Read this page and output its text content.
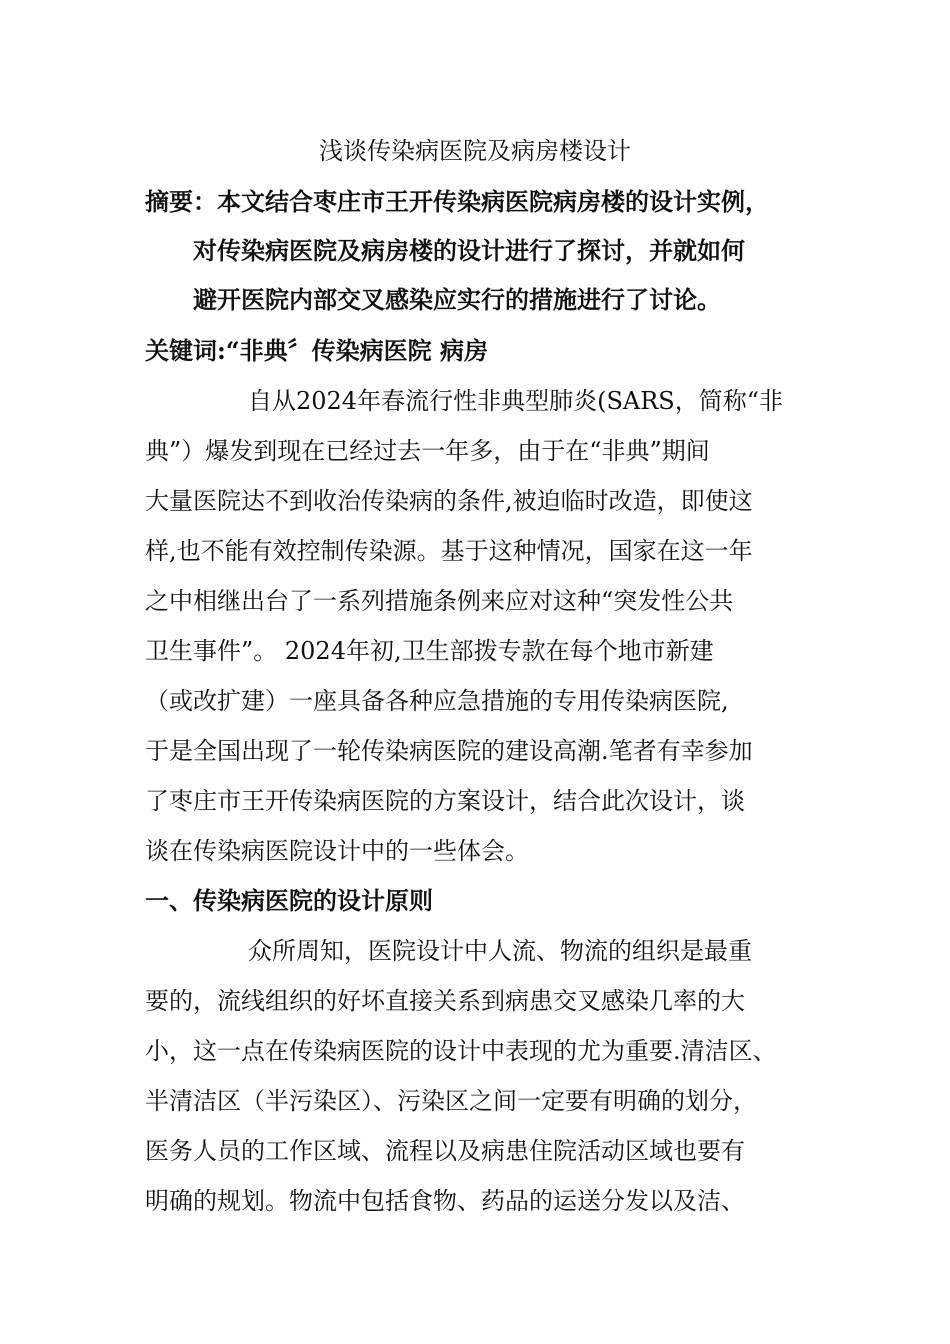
浅谈传染病医院及病房楼设计
摘要：本文结合枣庄市王开传染病医院病房楼的设计实例，
对传染病医院及病房楼的设计进行了探讨，并就如何
避开医院内部交叉感染应实行的措施进行了讨论。
关键词:“非典〞传染病医院 病房
自从2024年春流行性非典型肺炎(SARS，简称“非
典”）爆发到现在已经过去一年多，由于在“非典”期间
大量医院达不到收治传染病的条件,被迫临时改造，即使这
样,也不能有效控制传染源。基于这种情况，国家在这一年
之中相继出台了一系列措施条例来应对这种“突发性公共
卫生事件”。 2024年初,卫生部拨专款在每个地市新建
（或改扩建）一座具备各种应急措施的专用传染病医院,
于是全国出现了一轮传染病医院的建设高潮.笔者有幸参加
了枣庄市王开传染病医院的方案设计，结合此次设计，谈
谈在传染病医院设计中的一些体会。
一、传染病医院的设计原则
众所周知，医院设计中人流、物流的组织是最重
要的，流线组织的好坏直接关系到病患交叉感染几率的大
小，这一点在传染病医院的设计中表现的尤为重要.清洁区、
半清洁区（半污染区）、污染区之间一定要有明确的划分，
医务人员的工作区域、流程以及病患住院活动区域也要有
明确的规划。物流中包括食物、药品的运送分发以及洁、
